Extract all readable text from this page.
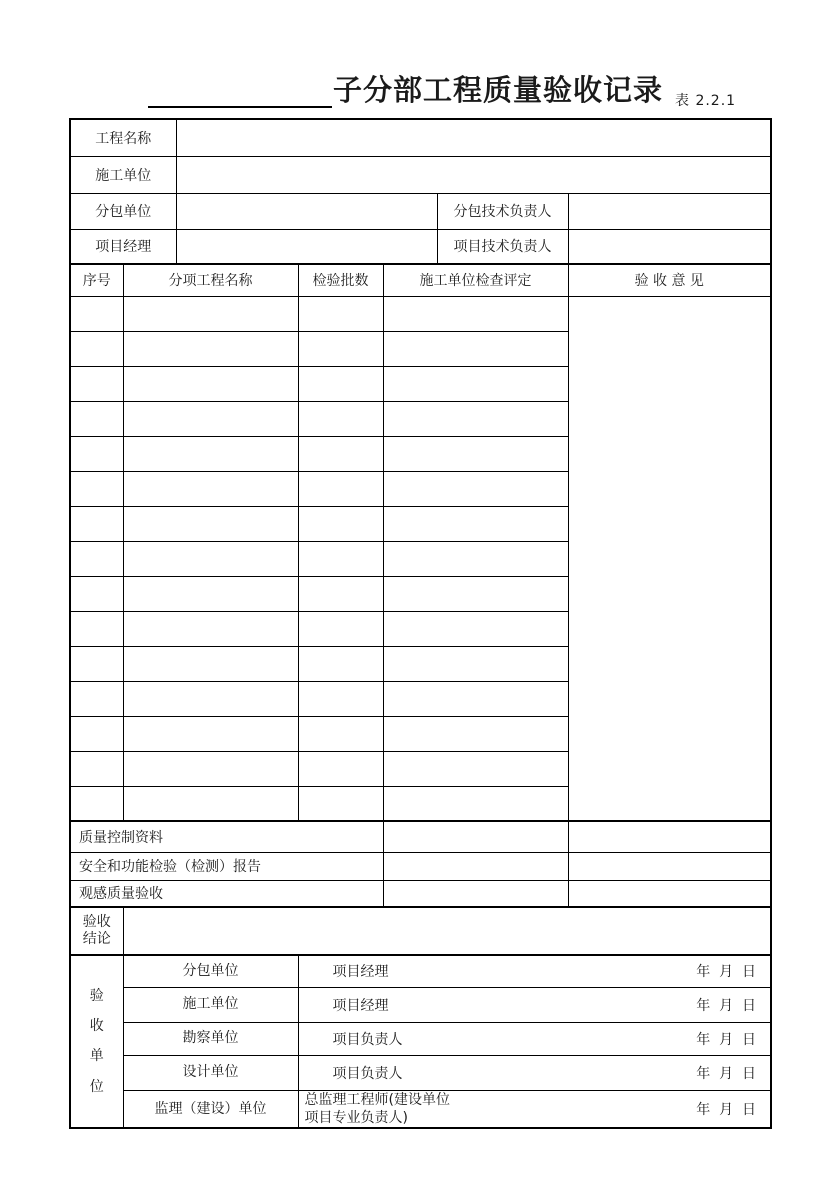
子分部工程质量验收记录 表 2.2.1
工程名称						
施工单位						
分包单位					分包技术负责人	
项目经理					项目技术负责人	
序号	分项工程名称		检验批数	施工单位检查评定		验 收 意 见

质量控制资料						
安全和功能检验（检测）报告						
观感质量验收						
验收结论						
验收单位	分包单位		项目经理 年  月  日			

	施工单位		项目经理 年  月  日			

	勘察单位		项目负责人 年  月  日			

	设计单位		项目负责人 年  月  日			

	监理（建设）单位		总监理工程师(建设单位项目专业负责人) 年  月  日			
